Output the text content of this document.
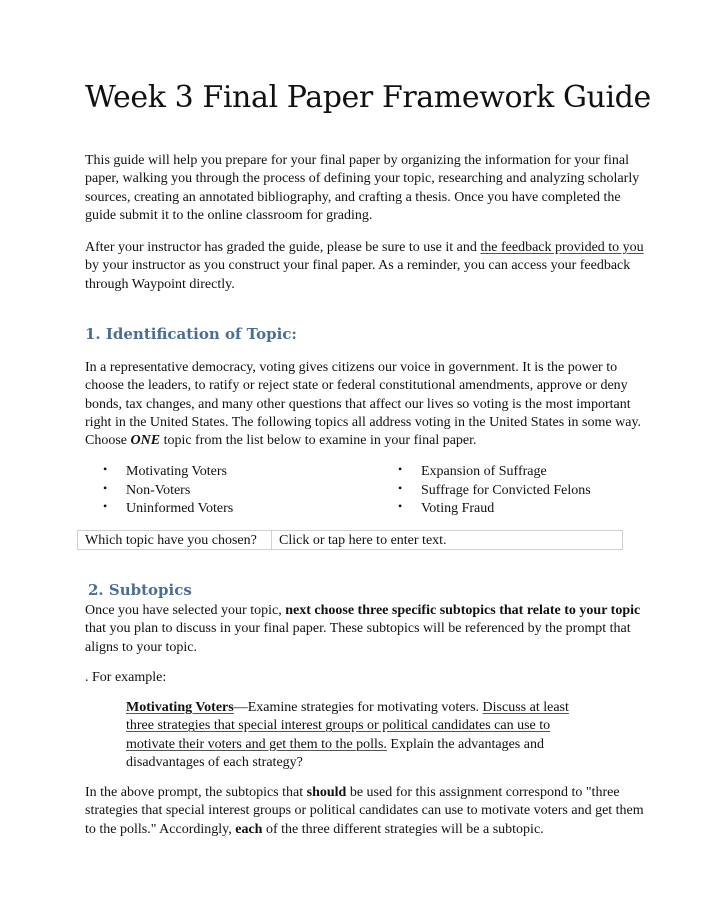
Week 3 Final Paper Framework Guide

This guide will help you prepare for your final paper by organizing the information for your final paper, walking you through the process of defining your topic, researching and analyzing scholarly sources, creating an annotated bibliography, and crafting a thesis. Once you have completed the guide submit it to the online classroom for grading.

After your instructor has graded the guide, please be sure to use it and the feedback provided to you by your instructor as you construct your final paper. As a reminder, you can access your feedback through Waypoint directly.

1. Identification of Topic:

In a representative democracy, voting gives citizens our voice in government. It is the power to choose the leaders, to ratify or reject state or federal constitutional amendments, approve or deny bonds, tax changes, and many other questions that affect our lives so voting is the most important right in the United States. The following topics all address voting in the United States in some way. Choose ONE topic from the list below to examine in your final paper.

• Motivating Voters
• Non-Voters
• Uninformed Voters
• Expansion of Suffrage
• Suffrage for Convicted Felons
• Voting Fraud
Which topic have you chosen?	Click or tap here to enter text.
2. Subtopics

Once you have selected your topic, next choose three specific subtopics that relate to your topic that you plan to discuss in your final paper. These subtopics will be referenced by the prompt that aligns to your topic.

. For example:

Motivating Voters—Examine strategies for motivating voters. Discuss at least three strategies that special interest groups or political candidates can use to motivate their voters and get them to the polls. Explain the advantages and disadvantages of each strategy?

In the above prompt, the subtopics that should be used for this assignment correspond to "three strategies that special interest groups or political candidates can use to motivate voters and get them to the polls." Accordingly, each of the three different strategies will be a subtopic.
